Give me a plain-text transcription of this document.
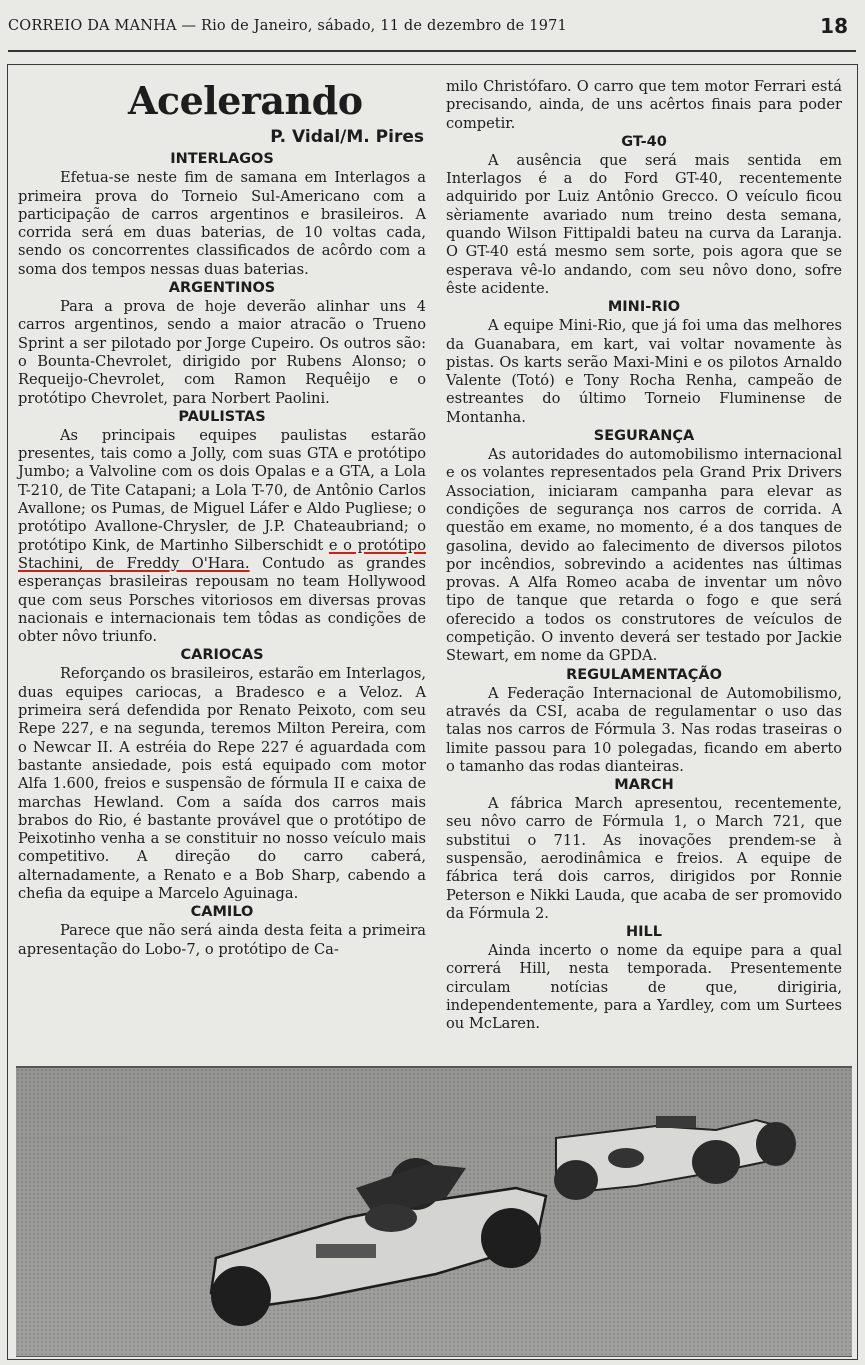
CORREIO DA MANHA — Rio de Janeiro, sábado, 11 de dezembro de 1971	18
Acelerando
P. Vidal/M. Pires
INTERLAGOS

Efetua-se neste fim de samana em Interlagos a primeira prova do Torneio Sul-Americano com a participação de carros argentinos e brasileiros. A corrida será em duas baterias, de 10 voltas cada, sendo os concorrentes classificados de acôrdo com a soma dos tempos nessas duas baterias.

ARGENTINOS

Para a prova de hoje deverão alinhar uns 4 carros argentinos, sendo a maior atracão o Trueno Sprint a ser pilotado por Jorge Cupeiro. Os outros são: o Bounta-Chevrolet, dirigido por Rubens Alonso; o Requeijo-Chevrolet, com Ramon Requêijo e o protótipo Chevrolet, para Norbert Paolini.

PAULISTAS

As principais equipes paulistas estarão presentes, tais como a Jolly, com suas GTA e protótipo Jumbo; a Valvoline com os dois Opalas e a GTA, a Lola T-210, de Tite Catapani; a Lola T-70, de Antônio Carlos Avallone; os Pumas, de Miguel Láfer e Aldo Pugliese; o protótipo Avallone-Chrysler, de J.P. Chateaubriand; o protótipo Kink, de Martinho Silberschidt e o protótipo Stachini, de Freddy O'Hara. Contudo as grandes esperanças brasileiras repousam no team Hollywood que com seus Porsches vitoriosos em diversas provas nacionais e internacionais tem tôdas as condições de obter nôvo triunfo.

CARIOCAS

Reforçando os brasileiros, estarão em Interlagos, duas equipes cariocas, a Bradesco e a Veloz. A primeira será defendida por Renato Peixoto, com seu Repe 227, e na segunda, teremos Milton Pereira, com o Newcar II. A estréia do Repe 227 é aguardada com bastante ansiedade, pois está equipado com motor Alfa 1.600, freios e suspensão de fórmula II e caixa de marchas Hewland. Com a saída dos carros mais brabos do Rio, é bastante provável que o protótipo de Peixotinho venha a se constituir no nosso veículo mais competitivo. A direção do carro caberá, alternadamente, a Renato e a Bob Sharp, cabendo a chefia da equipe a Marcelo Aguinaga.

CAMILO

Parece que não será ainda desta feita a primeira apresentação do Lobo-7, o protótipo de Ca-

milo Christófaro. O carro que tem motor Ferrari está precisando, ainda, de uns acêrtos finais para poder competir.

GT-40

A ausência que será mais sentida em Interlagos é a do Ford GT-40, recentemente adquirido por Luiz Antônio Grecco. O veículo ficou sèriamente avariado num treino desta semana, quando Wilson Fittipaldi bateu na curva da Laranja. O GT-40 está mesmo sem sorte, pois agora que se esperava vê-lo andando, com seu nôvo dono, sofre êste acidente.

MINI-RIO

A equipe Mini-Rio, que já foi uma das melhores da Guanabara, em kart, vai voltar novamente às pistas. Os karts serão Maxi-Mini e os pilotos Arnaldo Valente (Totó) e Tony Rocha Renha, campeão de estreantes do último Torneio Fluminense de Montanha.

SEGURANÇA

As autoridades do automobilismo internacional e os volantes representados pela Grand Prix Drivers Association, iniciaram campanha para elevar as condições de segurança nos carros de corrida. A questão em exame, no momento, é a dos tanques de gasolina, devido ao falecimento de diversos pilotos por incêndios, sobrevindo a acidentes nas últimas provas. A Alfa Romeo acaba de inventar um nôvo tipo de tanque que retarda o fogo e que será oferecido a todos os construtores de veículos de competição. O invento deverá ser testado por Jackie Stewart, em nome da GPDA.

REGULAMENTAÇÃO

A Federação Internacional de Automobilismo, através da CSI, acaba de regulamentar o uso das talas nos carros de Fórmula 3. Nas rodas traseiras o limite passou para 10 polegadas, ficando em aberto o tamanho das rodas dianteiras.

MARCH

A fábrica March apresentou, recentemente, seu nôvo carro de Fórmula 1, o March 721, que substitui o 711. As inovações prendem-se à suspensão, aerodinâmica e freios. A equipe de fábrica terá dois carros, dirigidos por Ronnie Peterson e Nikki Lauda, que acaba de ser promovido da Fórmula 2.

HILL

Ainda incerto o nome da equipe para a qual correrá Hill, nesta temporada. Presentemente circulam notícias de que, dirigiria, independentemente, para a Yardley, com um Surtees ou McLaren.
